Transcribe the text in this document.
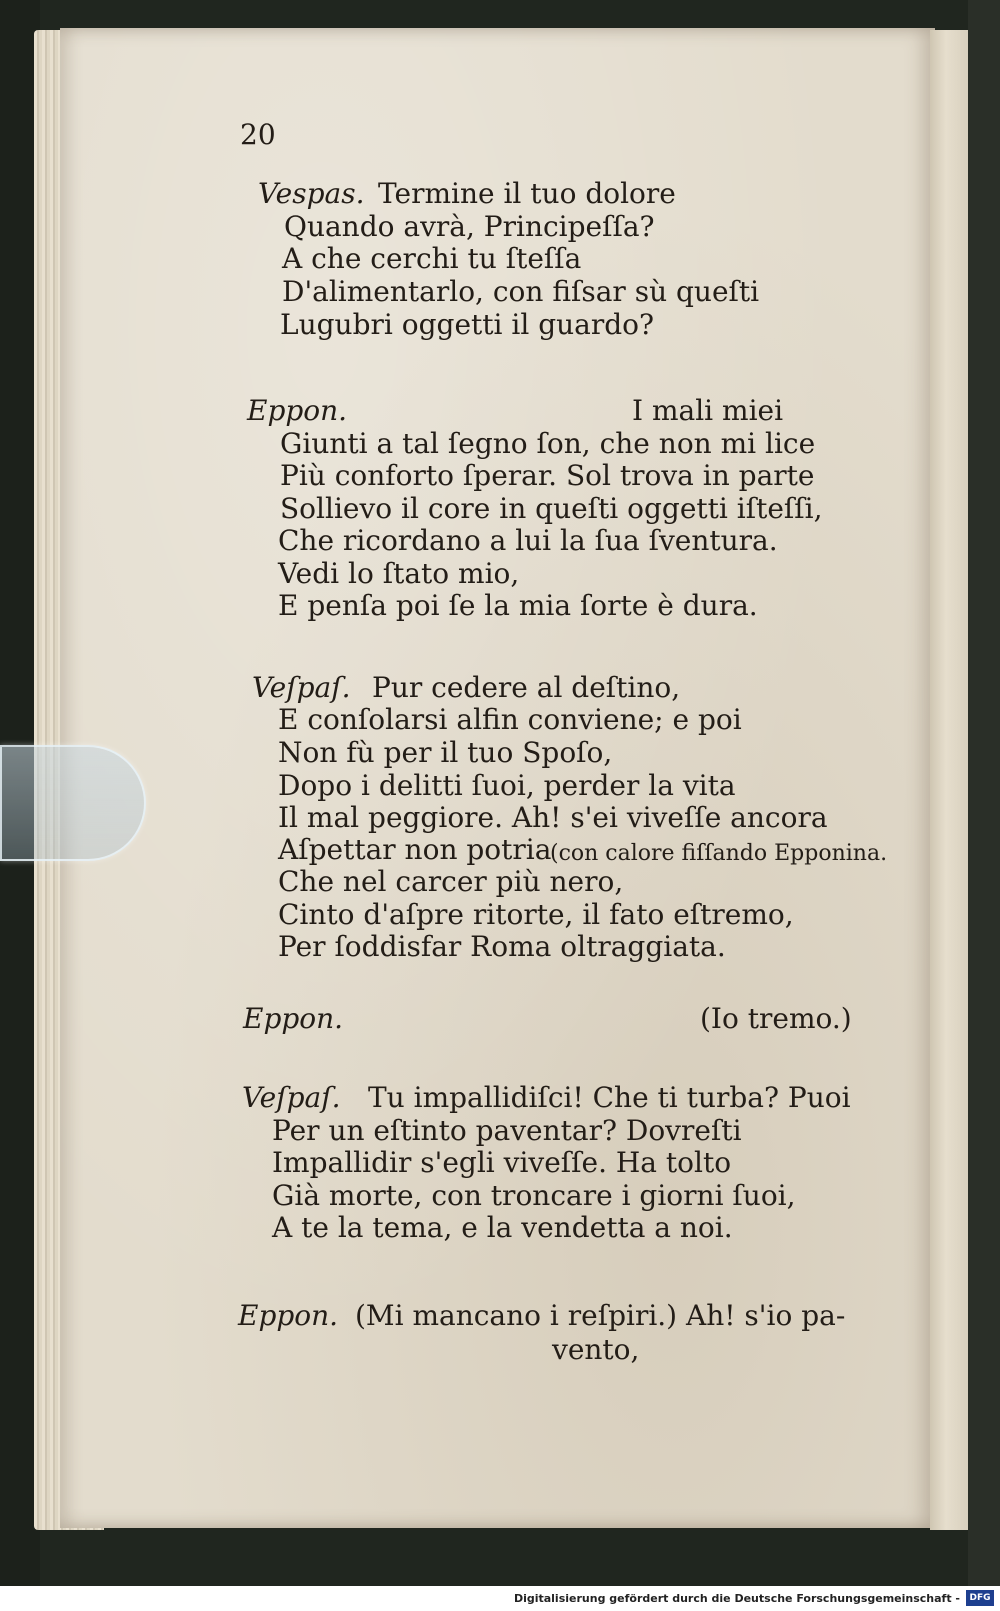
20
Vespas. Termine il tuo dolore
Quando avrà, Principeſſa?
A che cerchi tu ſteſſa
D'alimentarlo, con fiſsar sù queſti
Lugubri oggetti il guardo?
Eppon.	I mali miei
Giunti a tal ſegno ſon, che non mi lice
Più conforto ſperar. Sol trova in parte
Sollievo il core in queſti oggetti iſteſſi,
Che ricordano a lui la ſua ſventura.
Vedi lo ſtato mio,
E penſa poi ſe la mia ſorte è dura.
Veſpaſ. Pur cedere al deſtino,
E conſolarsi alfin conviene; e poi
Non fù per il tuo Spoſo,
Dopo i delitti ſuoi, perder la vita
Il mal peggiore. Ah! s'ei viveſſe ancora
Aſpettar non potria
(con calore fiſſando Epponina.
Che nel carcer più nero,
Cinto d'aſpre ritorte, il fato eſtremo,
Per ſoddisfar Roma oltraggiata.
Eppon.	(Io tremo.)
Veſpaſ. Tu impallidiſci! Che ti turba? Puoi
Per un eſtinto paventar? Dovreſti
Impallidir s'egli viveſſe. Ha tolto
Già morte, con troncare i giorni ſuoi,
A te la tema, e la vendetta a noi.
Eppon. (Mi mancano i reſpiri.) Ah! s'io pa-
vento,
Digitalisierung gefördert durch die Deutsche Forschungsgemeinschaft -	DFG
